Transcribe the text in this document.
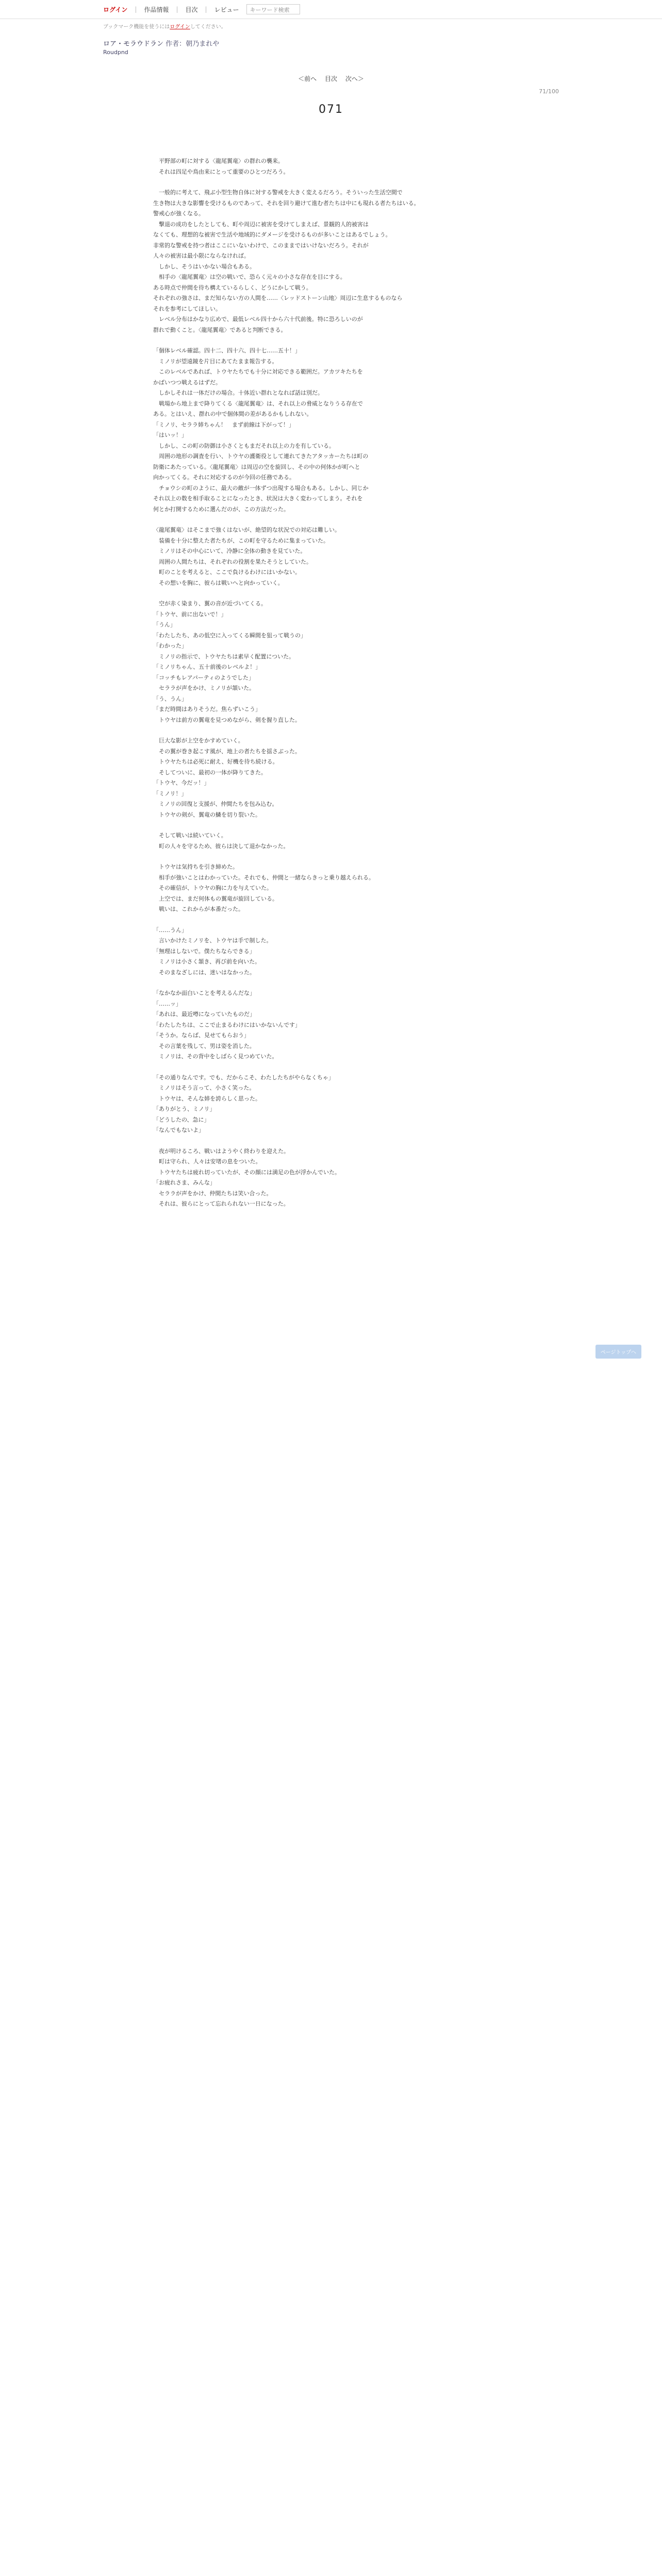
ログイン | 作品情報 | 目次 | レビュー	キーワード検索
ブックマーク機能を使うにはログインしてください。
ロア・モラウドラン 作者：朝乃まれや
Roudpnd
＜前へ 目次 次へ＞
71/100
071

　平野部の町に対する〈龍尾翼竜〉の群れの襲来。
　それは四足や鳥由来にとって重要のひとつだろう。

　一般的に考えて、飛ぶ小型生物自体に対する警戒を大きく変えるだろう。そういった生活空間で
生き物は大きな影響を受けるものであって、それを回り避けて進む者たちは中にも現れる者たちはいる。
警戒心が強くなる。
　撃退の成功をしたとしても、町や周辺に被害を受けてしまえば、景観的人的被害は
なくても、理想的な被害で生活や地域的にダメージを受けるものが多いことはあるでしょう。
非常的な警戒を持つ者はここにいないわけで、このままではいけないだろう。それが
人々の被害は最小限にならなければ。
　しかし、そうはいかない場合もある。
　相手の〈龍尾翼竜〉は空の戦いで、恐らく元々の小さな存在を目にする。
ある時点で仲間を待ち構えているらしく、どうにかして戦う。
それぞれの強さは、まだ知らない方の人間を……〈レッドストーン山地〉周辺に生息するものなら
それを参考にしてほしい。
　レベル分布はかなり広めで、最低レベル四十から六十代前後。特に恐ろしいのが
群れで動くこと。〈龍尾翼竜〉であると判断できる。

「個体レベル確認。四十二、四十六、四十七……五十！」
　ミノリが望遠鏡を片目にあてたまま報告する。
　このレベルであれば、トウヤたちでも十分に対応できる範囲だ。アカツキたちを
かばいつつ戦えるはずだ。
　しかしそれは一体だけの場合。十体近い群れとなれば話は別だ。
　戦場から地上まで降りてくる〈龍尾翼竜〉は、それ以上の脅威となりうる存在で
ある。とはいえ、群れの中で個体間の差があるかもしれない。
「ミノリ、セララ姉ちゃん！　まず前線は下がって！」
「はいッ！」
　しかし、この町の防御は小さくともまだそれ以上の力を有している。
　周囲の地形の調査を行い、トウヤの護衛役として連れてきたアタッカーたちは町の
防衛にあたっている。〈龍尾翼竜〉は周辺の空を旋回し、その中の何体かが町へと
向かってくる。それに対応するのが今回の任務である。
　チョウシの町のように、最大の敵が一体ずつ出現する場合もある。しかし、同じか
それ以上の数を相手取ることになったとき、状況は大きく変わってしまう。それを
何とか打開するために選んだのが、この方法だった。

〈龍尾翼竜〉はそこまで強くはないが、絶望的な状況での対応は難しい。
　装備を十分に整えた者たちが、この町を守るために集まっていた。
　ミノリはその中心にいて、冷静に全体の動きを見ていた。
　周囲の人間たちは、それぞれの役割を果たそうとしていた。
　町のことを考えると、ここで負けるわけにはいかない。
　その想いを胸に、彼らは戦いへと向かっていく。

　空が赤く染まり、翼の音が近づいてくる。
「トウヤ、前に出ないで！」
「うん」
「わたしたち、あの低空に入ってくる瞬間を狙って戦うの」
「わかった」
　ミノリの指示で、トウヤたちは素早く配置についた。
「ミノリちゃん、五十前後のレベルよ！」
「コッチもレアパーティのようでした」
　セララが声をかけ、ミノリが頷いた。
「う、うん」
「まだ時間はありそうだ。焦らずいこう」
　トウヤは前方の翼竜を見つめながら、剣を握り直した。

　巨大な影が上空をかすめていく。
　その翼が巻き起こす風が、地上の者たちを揺さぶった。
　トウヤたちは必死に耐え、好機を待ち続ける。
　そしてついに、最初の一体が降りてきた。
「トウヤ、今だッ！」
「ミノリ！」
　ミノリの回復と支援が、仲間たちを包み込む。
　トウヤの剣が、翼竜の鱗を切り裂いた。

　そして戦いは続いていく。
　町の人々を守るため、彼らは決して退かなかった。

　トウヤは気持ちを引き締めた。
　相手が強いことはわかっていた。それでも、仲間と一緒ならきっと乗り越えられる。
　その確信が、トウヤの胸に力を与えていた。
　上空では、まだ何体もの翼竜が旋回している。
　戦いは、これからが本番だった。

「……うん」
　言いかけたミノリを、トウヤは手で制した。
「無理はしないで。僕たちならできる」
　ミノリは小さく頷き、再び前を向いた。
　そのまなざしには、迷いはなかった。

「なかなか面白いことを考えるんだな」
「……ッ」
「あれは、最近噂になっていたものだ」
「わたしたちは、ここで止まるわけにはいかないんです」
「そうか。ならば、見せてもらおう」
　その言葉を残して、男は姿を消した。
　ミノリは、その背中をしばらく見つめていた。

「その通りなんです。でも、だからこそ、わたしたちがやらなくちゃ」
　ミノリはそう言って、小さく笑った。
　トウヤは、そんな姉を誇らしく思った。
「ありがとう、ミノリ」
「どうしたの、急に」
「なんでもないよ」

　夜が明けるころ、戦いはようやく終わりを迎えた。
　町は守られ、人々は安堵の息をついた。
　トウヤたちは疲れ切っていたが、その顔には満足の色が浮かんでいた。
「お疲れさま、みんな」
　セララが声をかけ、仲間たちは笑い合った。
　それは、彼らにとって忘れられない一日になった。

ページトップへ
